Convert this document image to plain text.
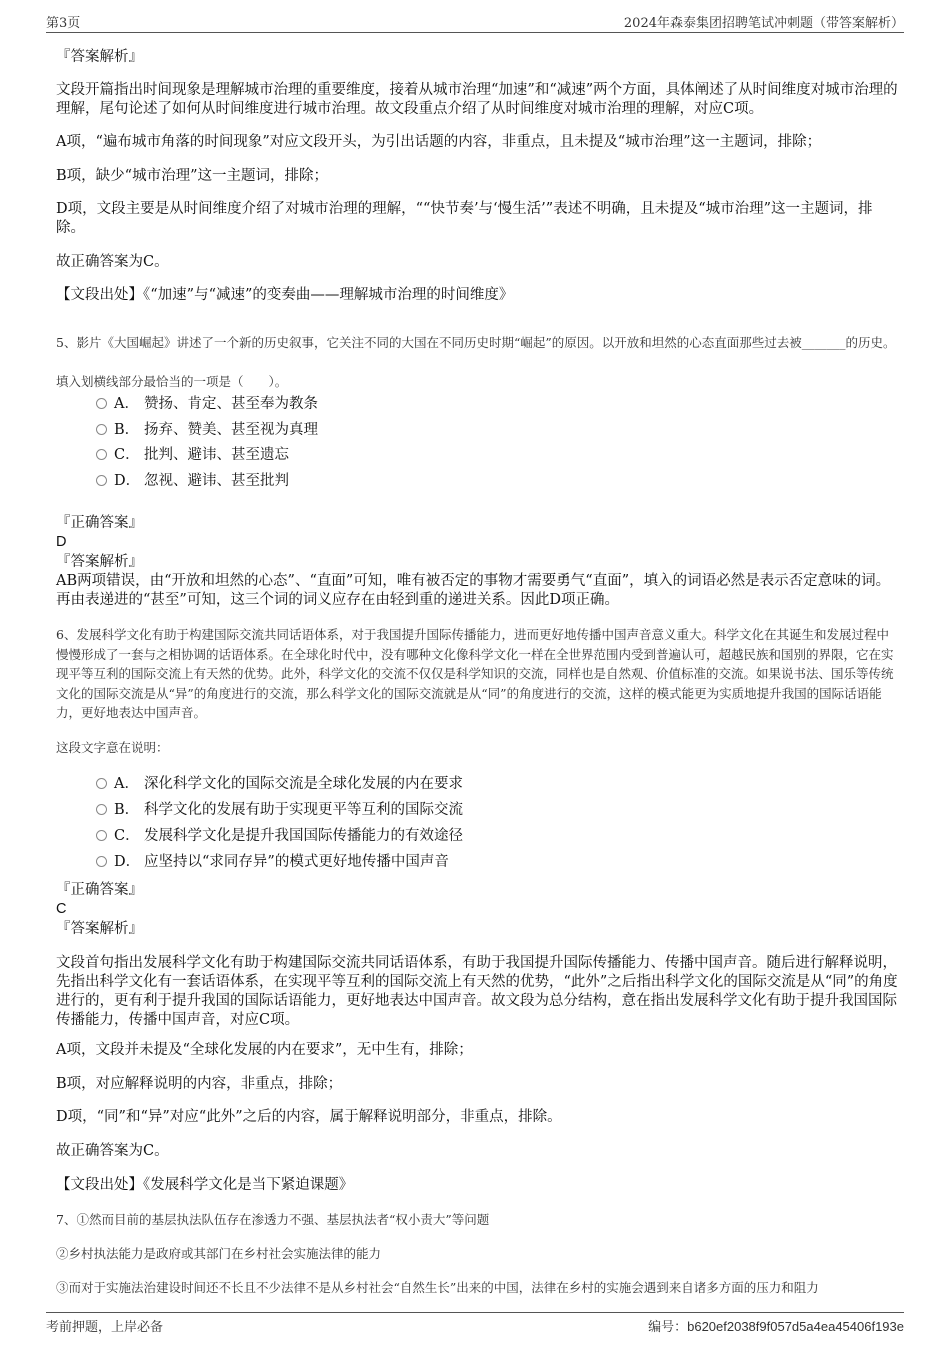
第3页	2024年森泰集团招聘笔试冲刺题（带答案解析）
『答案解析』
文段开篇指出时间现象是理解城市治理的重要维度，接着从城市治理“加速”和“减速”两个方面，具体阐述了从时间维度对城市治理的理解，尾句论述了如何从时间维度进行城市治理。故文段重点介绍了从时间维度对城市治理的理解，对应C项。
A项，“遍布城市角落的时间现象”对应文段开头，为引出话题的内容，非重点，且未提及“城市治理”这一主题词，排除；
B项，缺少“城市治理”这一主题词，排除；
D项，文段主要是从时间维度介绍了对城市治理的理解，““快节奏’与‘慢生活’”表述不明确，且未提及“城市治理”这一主题词，排除。
故正确答案为C。
【文段出处】《“加速”与“减速”的变奏曲——理解城市治理的时间维度》
5、影片《大国崛起》讲述了一个新的历史叙事，它关注不同的大国在不同历史时期“崛起”的原因。以开放和坦然的心态直面那些过去被_______的历史。
填入划横线部分最恰当的一项是（　　）。
A． 赞扬、肯定、甚至奉为教条
B． 扬弃、赞美、甚至视为真理
C． 批判、避讳、甚至遗忘
D． 忽视、避讳、甚至批判
『正确答案』
D
『答案解析』
AB两项错误，由“开放和坦然的心态”、“直面”可知，唯有被否定的事物才需要勇气“直面”，填入的词语必然是表示否定意味的词。再由表递进的“甚至”可知，这三个词的词义应存在由轻到重的递进关系。因此D项正确。
6、发展科学文化有助于构建国际交流共同话语体系，对于我国提升国际传播能力，进而更好地传播中国声音意义重大。科学文化在其诞生和发展过程中慢慢形成了一套与之相协调的话语体系。在全球化时代中，没有哪种文化像科学文化一样在全世界范围内受到普遍认可，超越民族和国别的界限，它在实现平等互利的国际交流上有天然的优势。此外，科学文化的交流不仅仅是科学知识的交流，同样也是自然观、价值标准的交流。如果说书法、国乐等传统文化的国际交流是从“异”的角度进行的交流，那么科学文化的国际交流就是从“同”的角度进行的交流，这样的模式能更为实质地提升我国的国际话语能力，更好地表达中国声音。
这段文字意在说明：
A． 深化科学文化的国际交流是全球化发展的内在要求
B． 科学文化的发展有助于实现更平等互利的国际交流
C． 发展科学文化是提升我国国际传播能力的有效途径
D． 应坚持以“求同存异”的模式更好地传播中国声音
『正确答案』
C
『答案解析』
文段首句指出发展科学文化有助于构建国际交流共同话语体系，有助于我国提升国际传播能力、传播中国声音。随后进行解释说明，先指出科学文化有一套话语体系，在实现平等互利的国际交流上有天然的优势，“此外”之后指出科学文化的国际交流是从“同”的角度进行的，更有利于提升我国的国际话语能力，更好地表达中国声音。故文段为总分结构，意在指出发展科学文化有助于提升我国国际传播能力，传播中国声音，对应C项。
A项，文段并未提及“全球化发展的内在要求”，无中生有，排除；
B项，对应解释说明的内容，非重点，排除；
D项，“同”和“异”对应“此外”之后的内容，属于解释说明部分，非重点，排除。
故正确答案为C。
【文段出处】《发展科学文化是当下紧迫课题》
7、①然而目前的基层执法队伍存在渗透力不强、基层执法者“权小责大”等问题
②乡村执法能力是政府或其部门在乡村社会实施法律的能力
③而对于实施法治建设时间还不长且不少法律不是从乡村社会“自然生长”出来的中国，法律在乡村的实施会遇到来自诸多方面的压力和阻力
考前押题，上岸必备	编号：b620ef2038f9f057d5a4ea45406f193e
